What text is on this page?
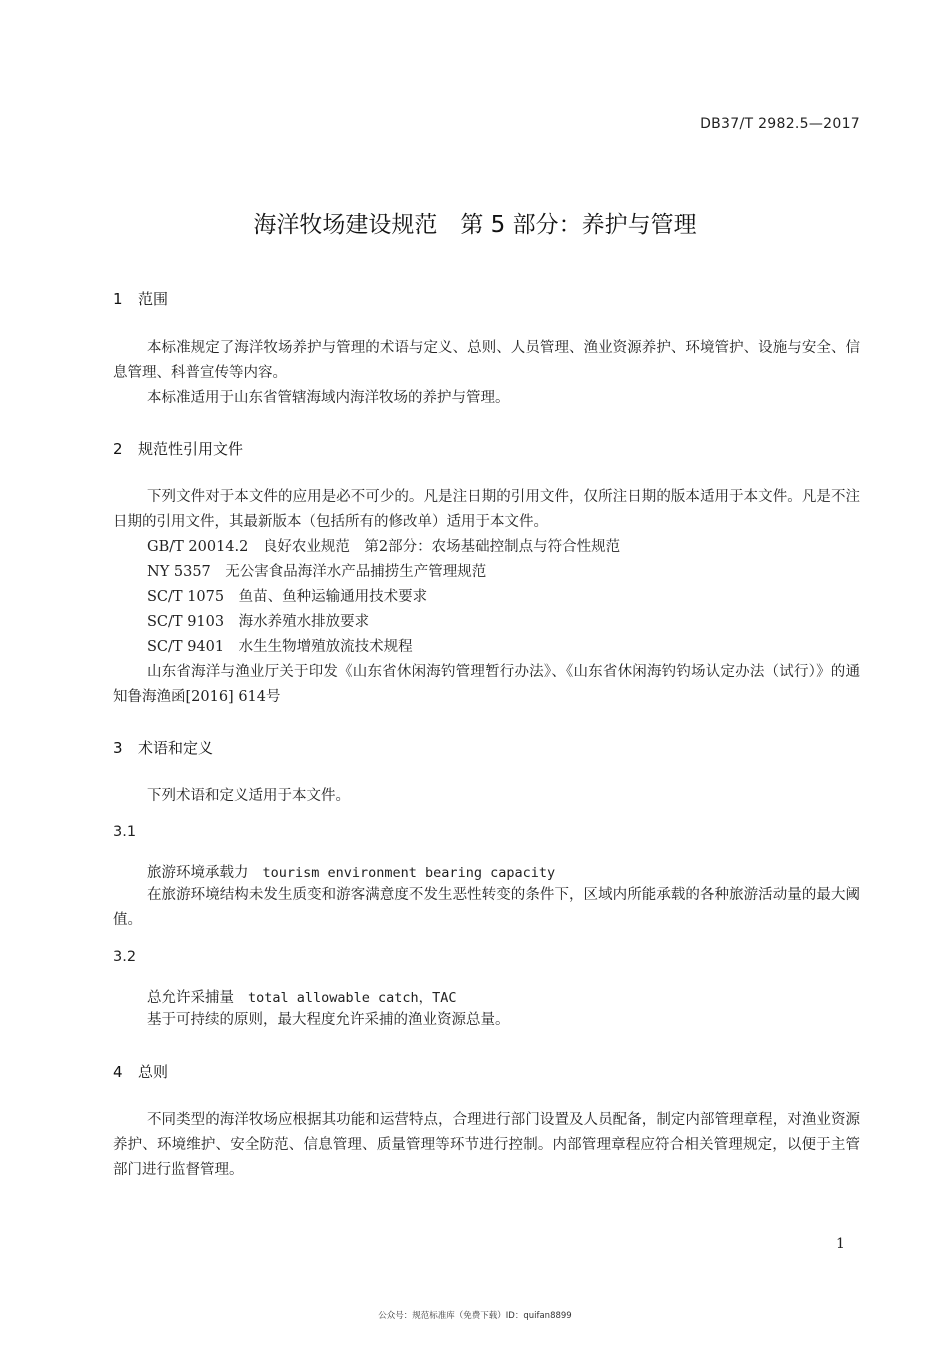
DB37/T 2982.5—2017
海洋牧场建设规范　第 5 部分：养护与管理
1 范围
本标准规定了海洋牧场养护与管理的术语与定义、总则、人员管理、渔业资源养护、环境管护、设施与安全、信息管理、科普宣传等内容。
本标准适用于山东省管辖海域内海洋牧场的养护与管理。
2 规范性引用文件
下列文件对于本文件的应用是必不可少的。凡是注日期的引用文件，仅所注日期的版本适用于本文件。凡是不注日期的引用文件，其最新版本（包括所有的修改单）适用于本文件。
GB/T 20014.2　良好农业规范　第2部分：农场基础控制点与符合性规范
NY 5357　无公害食品海洋水产品捕捞生产管理规范
SC/T 1075　鱼苗、鱼种运输通用技术要求
SC/T 9103　海水养殖水排放要求
SC/T 9401　水生生物增殖放流技术规程
山东省海洋与渔业厅关于印发《山东省休闲海钓管理暂行办法》、《山东省休闲海钓钓场认定办法（试行）》的通知鲁海渔函[2016] 614号
3 术语和定义
下列术语和定义适用于本文件。
3.1
旅游环境承载力 tourism environment bearing capacity
在旅游环境结构未发生质变和游客满意度不发生恶性转变的条件下，区域内所能承载的各种旅游活动量的最大阈值。
3.2
总允许采捕量 total allowable catch，TAC
基于可持续的原则，最大程度允许采捕的渔业资源总量。
4 总则
不同类型的海洋牧场应根据其功能和运营特点，合理进行部门设置及人员配备，制定内部管理章程，对渔业资源养护、环境维护、安全防范、信息管理、质量管理等环节进行控制。内部管理章程应符合相关管理规定，以便于主管部门进行监督管理。
1
公众号：规范标准库（免费下载）ID：quifan8899
